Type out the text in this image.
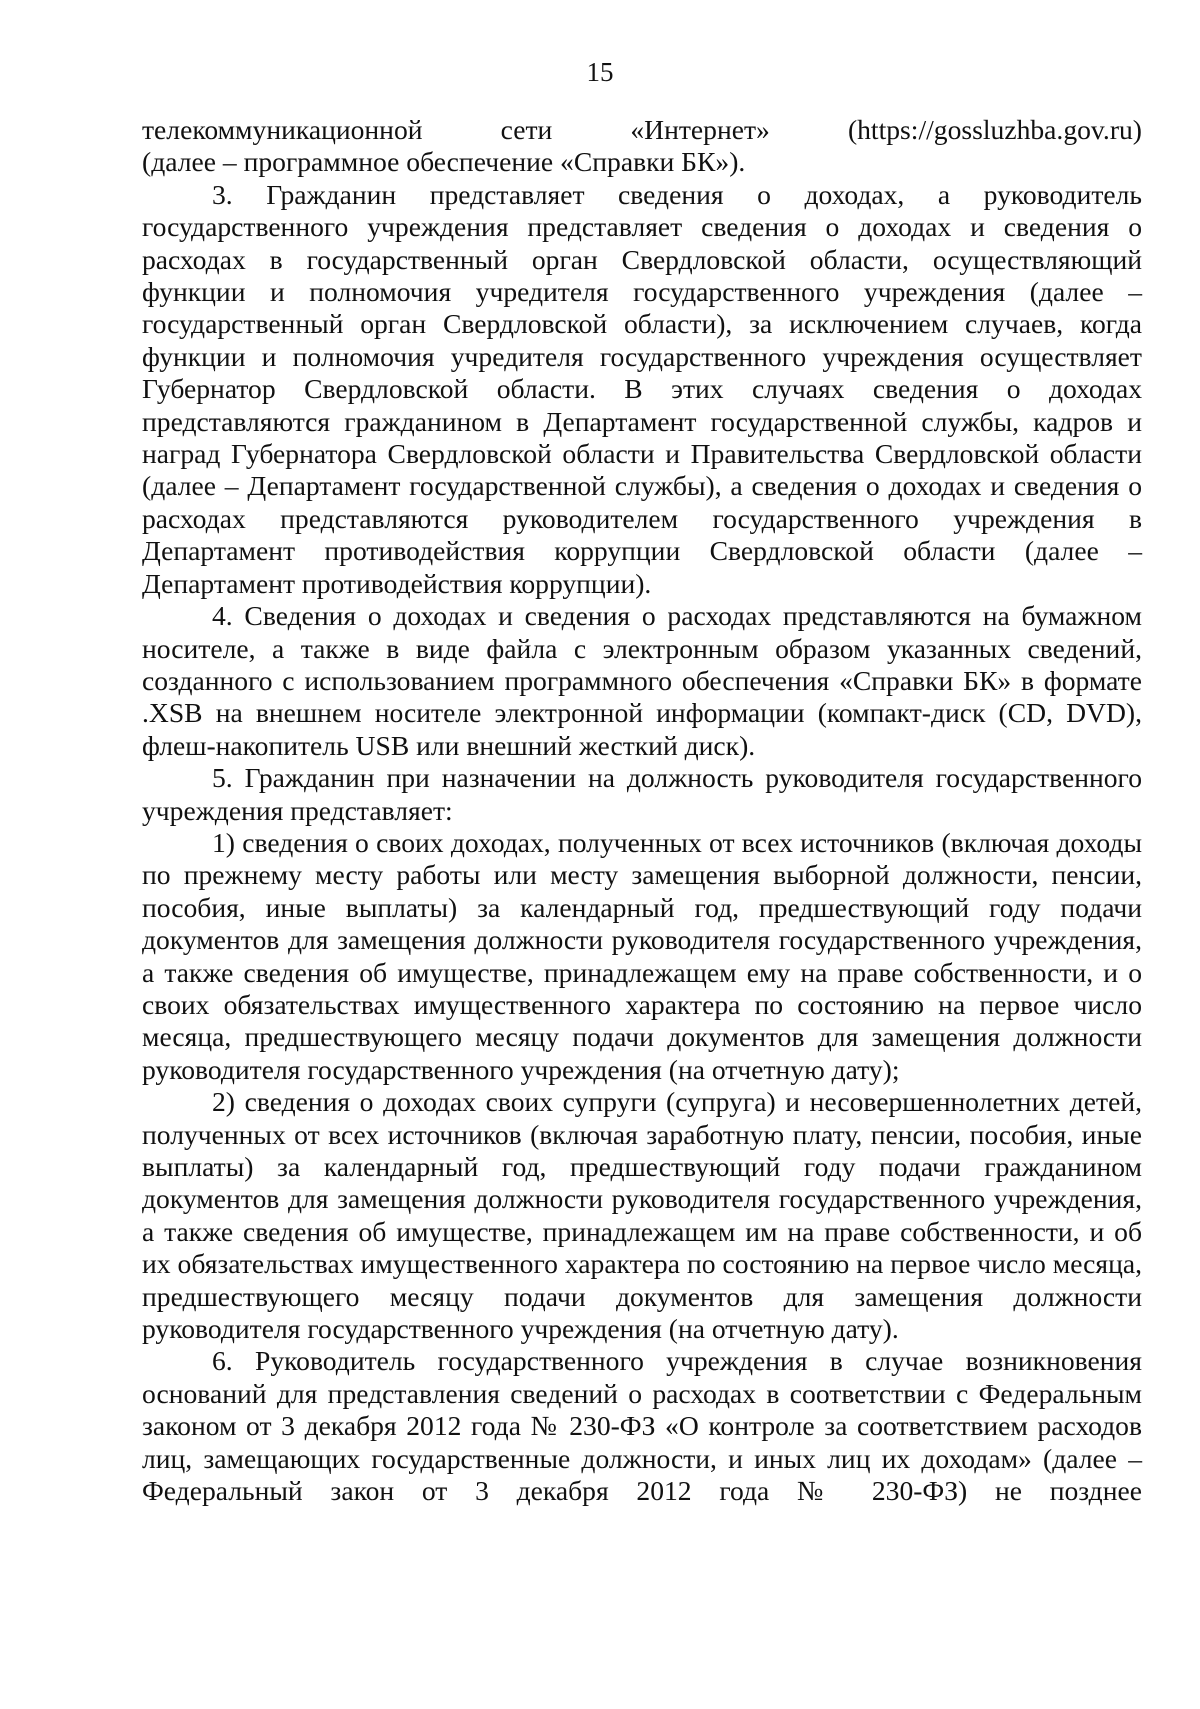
15

телекоммуникационной сети «Интернет» (https://gossluzhba.gov.ru)

(далее – программное обеспечение «Справки БК»).

3. Гражданин представляет сведения о доходах, а руководитель государственного учреждения представляет сведения о доходах и сведения о расходах в государственный орган Свердловской области, осуществляющий функции и полномочия учредителя государственного учреждения (далее – государственный орган Свердловской области), за исключением случаев, когда функции и полномочия учредителя государственного учреждения осуществляет Губернатор Свердловской области. В этих случаях сведения о доходах представляются гражданином в Департамент государственной службы, кадров и наград Губернатора Свердловской области и Правительства Свердловской области (далее – Департамент государственной службы), а сведения о доходах и сведения о расходах представляются руководителем государственного учреждения в Департамент противодействия коррупции Свердловской области (далее – Департамент противодействия коррупции).

4. Сведения о доходах и сведения о расходах представляются на бумажном носителе, а также в виде файла с электронным образом указанных сведений, созданного с использованием программного обеспечения «Справки БК» в формате .XSB на внешнем носителе электронной информации (компакт-диск (CD, DVD), флеш-накопитель USB или внешний жесткий диск).

5. Гражданин при назначении на должность руководителя государственного учреждения представляет:

1) сведения о своих доходах, полученных от всех источников (включая доходы по прежнему месту работы или месту замещения выборной должности, пенсии, пособия, иные выплаты) за календарный год, предшествующий году подачи документов для замещения должности руководителя государственного учреждения, а также сведения об имуществе, принадлежащем ему на праве собственности, и о своих обязательствах имущественного характера по состоянию на первое число месяца, предшествующего месяцу подачи документов для замещения должности руководителя государственного учреждения (на отчетную дату);

2) сведения о доходах своих супруги (супруга) и несовершеннолетних детей, полученных от всех источников (включая заработную плату, пенсии, пособия, иные выплаты) за календарный год, предшествующий году подачи гражданином документов для замещения должности руководителя государственного учреждения, а также сведения об имуществе, принадлежащем им на праве собственности, и об их обязательствах имущественного характера по состоянию на первое число месяца, предшествующего месяцу подачи документов для замещения должности руководителя государственного учреждения (на отчетную дату).

6. Руководитель государственного учреждения в случае возникновения оснований для представления сведений о расходах в соответствии с Федеральным законом от 3 декабря 2012 года № 230-ФЗ «О контроле за соответствием расходов лиц, замещающих государственные должности, и иных лиц их доходам» (далее – Федеральный закон от 3 декабря 2012 года № 230-ФЗ) не позднее
